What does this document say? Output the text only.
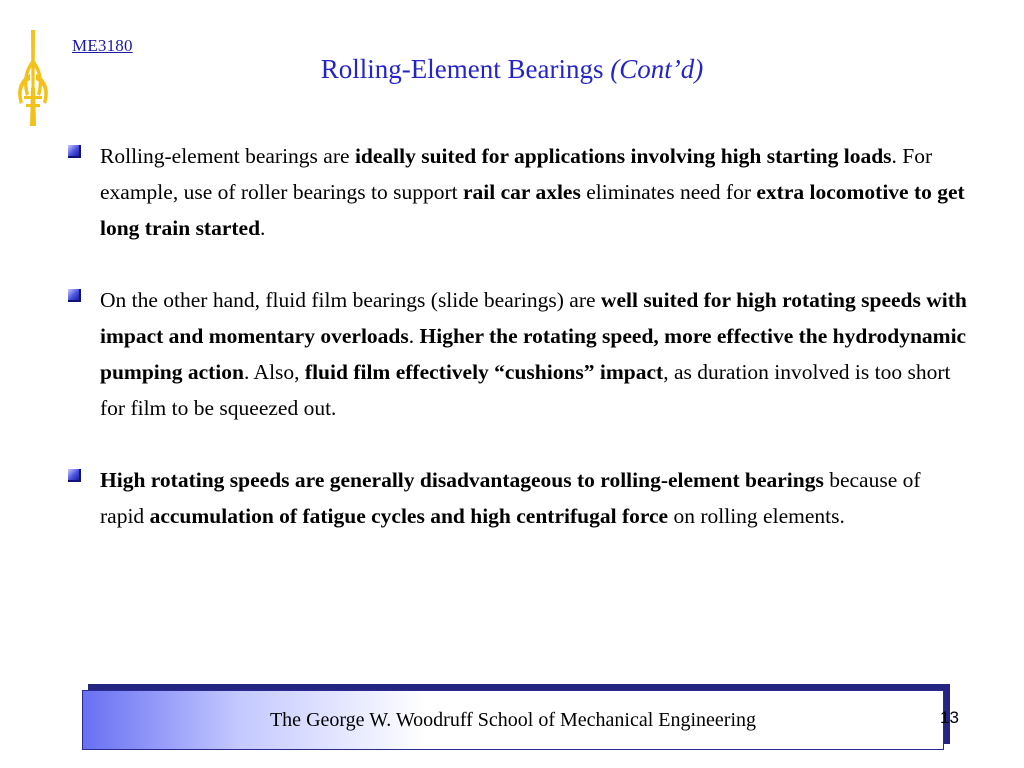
ME3180
Rolling-Element Bearings (Cont’d)
Rolling-element bearings are ideally suited for applications involving high starting loads. For example, use of roller bearings to support rail car axles eliminates need for extra locomotive to get long train started.
On the other hand, fluid film bearings (slide bearings) are well suited for high rotating speeds with impact and momentary overloads. Higher the rotating speed, more effective the hydrodynamic pumping action. Also, fluid film effectively “cushions” impact, as duration involved is too short for film to be squeezed out.
High rotating speeds are generally disadvantageous to rolling-element bearings because of rapid accumulation of fatigue cycles and high centrifugal force on rolling elements.
The George W. Woodruff School of Mechanical Engineering	13
